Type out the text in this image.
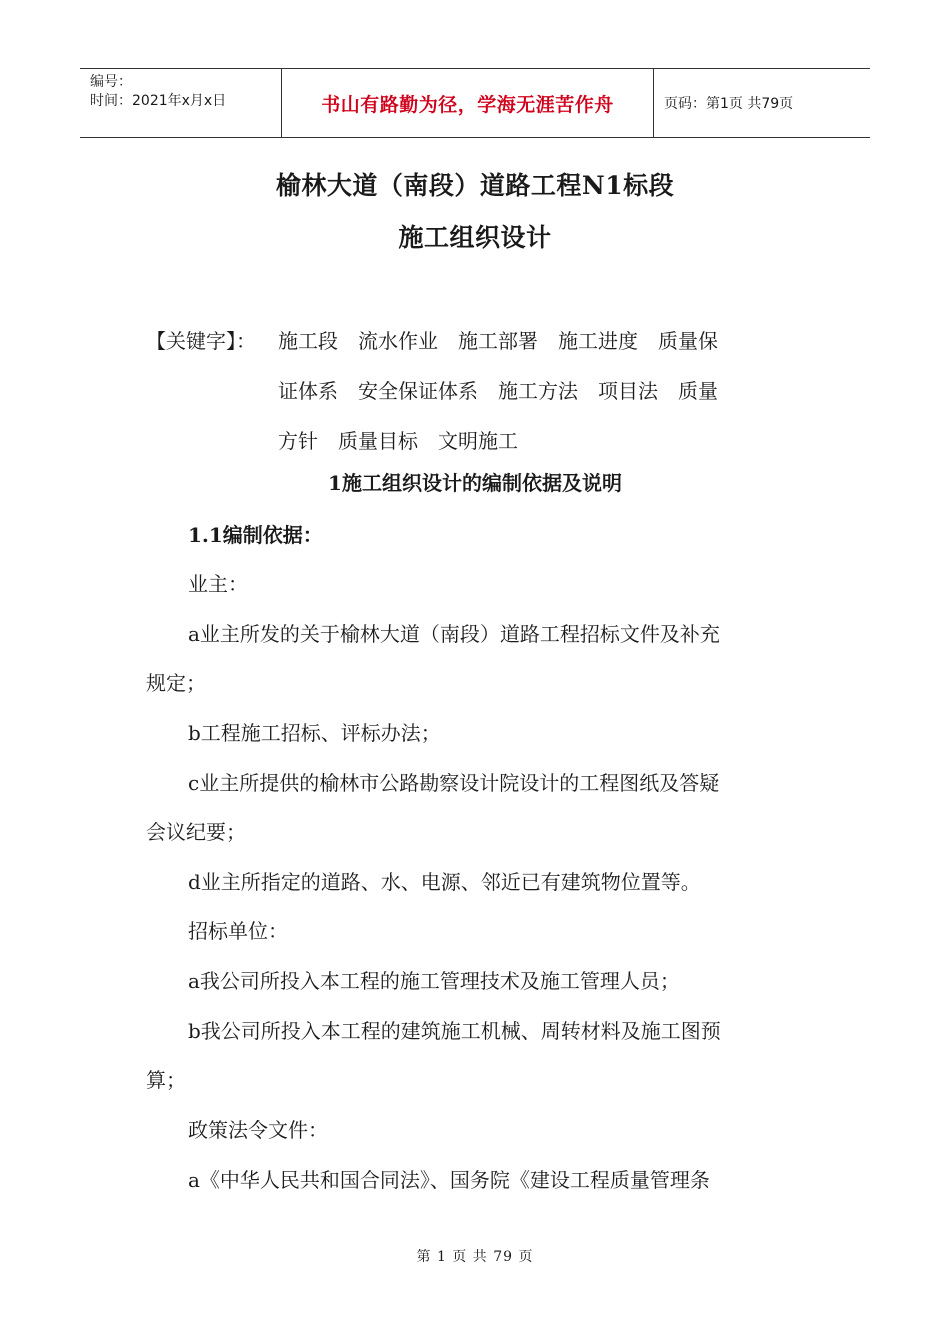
编号：
时间：2021年x月x日	书山有路勤为径，学海无涯苦作舟	页码：第1页 共79页
榆林大道（南段）道路工程N1标段
施工组织设计
【关键字】： 施工段　流水作业　施工部署　施工进度　质量保
证体系　安全保证体系　施工方法　项目法　质量
方针　质量目标　文明施工
1施工组织设计的编制依据及说明
1.1编制依据：
业主：
a业主所发的关于榆林大道（南段）道路工程招标文件及补充
规定；
b工程施工招标、评标办法；
c业主所提供的榆林市公路勘察设计院设计的工程图纸及答疑
会议纪要；
d业主所指定的道路、水、电源、邻近已有建筑物位置等。
招标单位：
a我公司所投入本工程的施工管理技术及施工管理人员；
b我公司所投入本工程的建筑施工机械、周转材料及施工图预
算；
政策法令文件：
a《中华人民共和国合同法》、国务院《建设工程质量管理条
第 1 页 共 79 页
